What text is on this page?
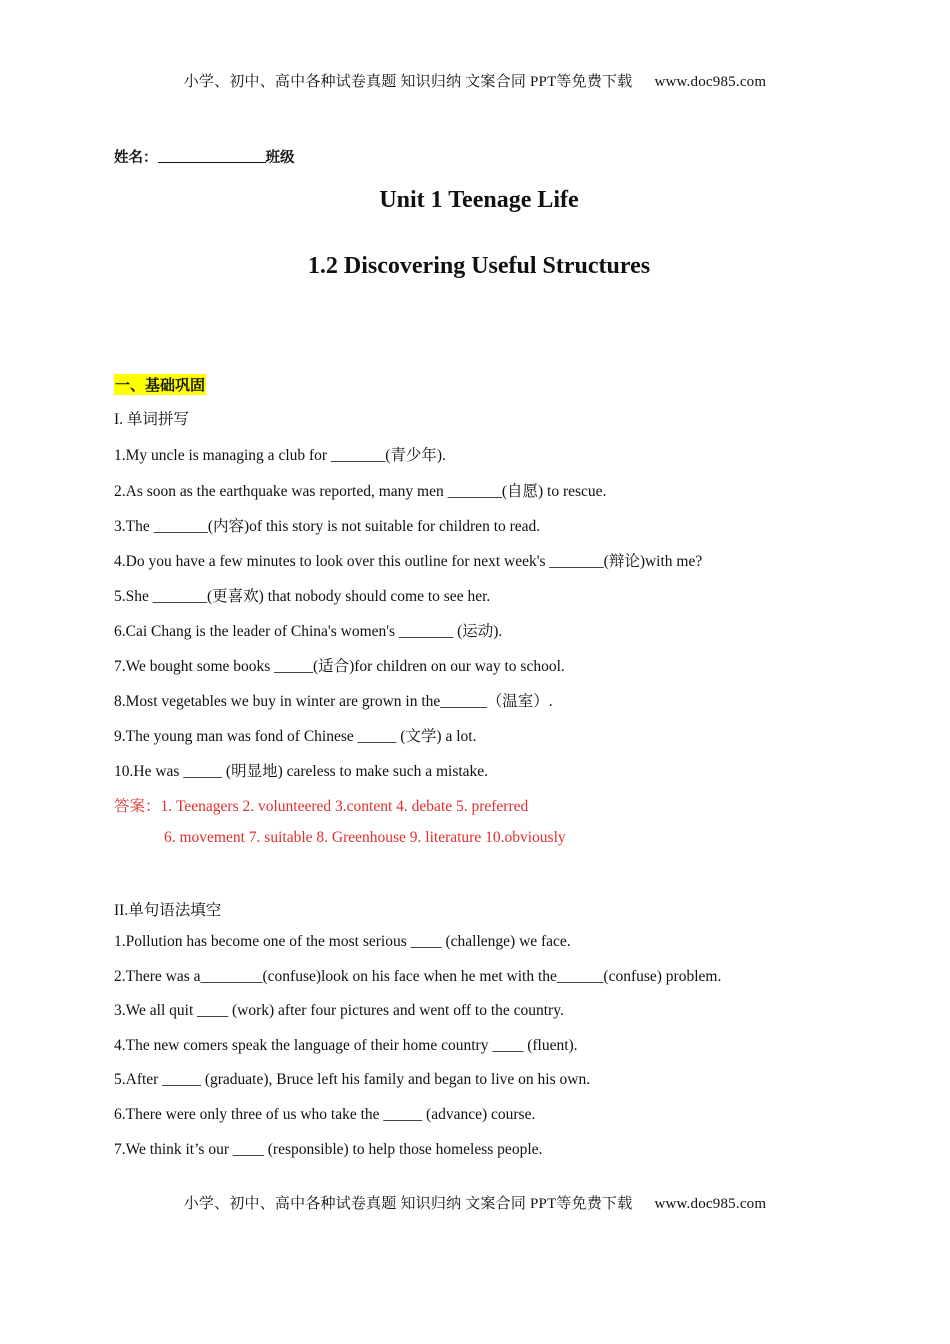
小学、初中、高中各种试卷真题 知识归纳 文案合同 PPT等免费下载 www.doc985.com
姓名：	班级
Unit 1 Teenage Life
1.2 Discovering Useful Structures
一、基础巩固
I. 单词拼写
1.My uncle is managing a club for _______(青少年).
2.As soon as the earthquake was reported, many men _______(自愿) to rescue.
3.The _______(内容)of this story is not suitable for children to read.
4.Do you have a few minutes to look over this outline for next week's _______(辩论)with me?
5.She _______(更喜欢) that nobody should come to see her.
6.Cai Chang is the leader of China's women's _______ (运动).
7.We bought some books _____(适合)for children on our way to school.
8.Most vegetables we buy in winter are grown in the______（温室）.
9.The young man was fond of Chinese _____ (文学) a lot.
10.He was _____ (明显地) careless to make such a mistake.
答案：1. Teenagers 2. volunteered 3.content 4. debate 5. preferred
6. movement 7. suitable 8. Greenhouse 9. literature 10.obviously
II.单句语法填空
1.Pollution has become one of the most serious ____ (challenge) we face.
2.There was a________(confuse)look on his face when he met with the______(confuse) problem.
3.We all quit ____ (work) after four pictures and went off to the country.
4.The new comers speak the language of their home country ____ (fluent).
5.After _____ (graduate), Bruce left his family and began to live on his own.
6.There were only three of us who take the _____ (advance) course.
7.We think it’s our ____ (responsible) to help those homeless people.
小学、初中、高中各种试卷真题 知识归纳 文案合同 PPT等免费下载 www.doc985.com
